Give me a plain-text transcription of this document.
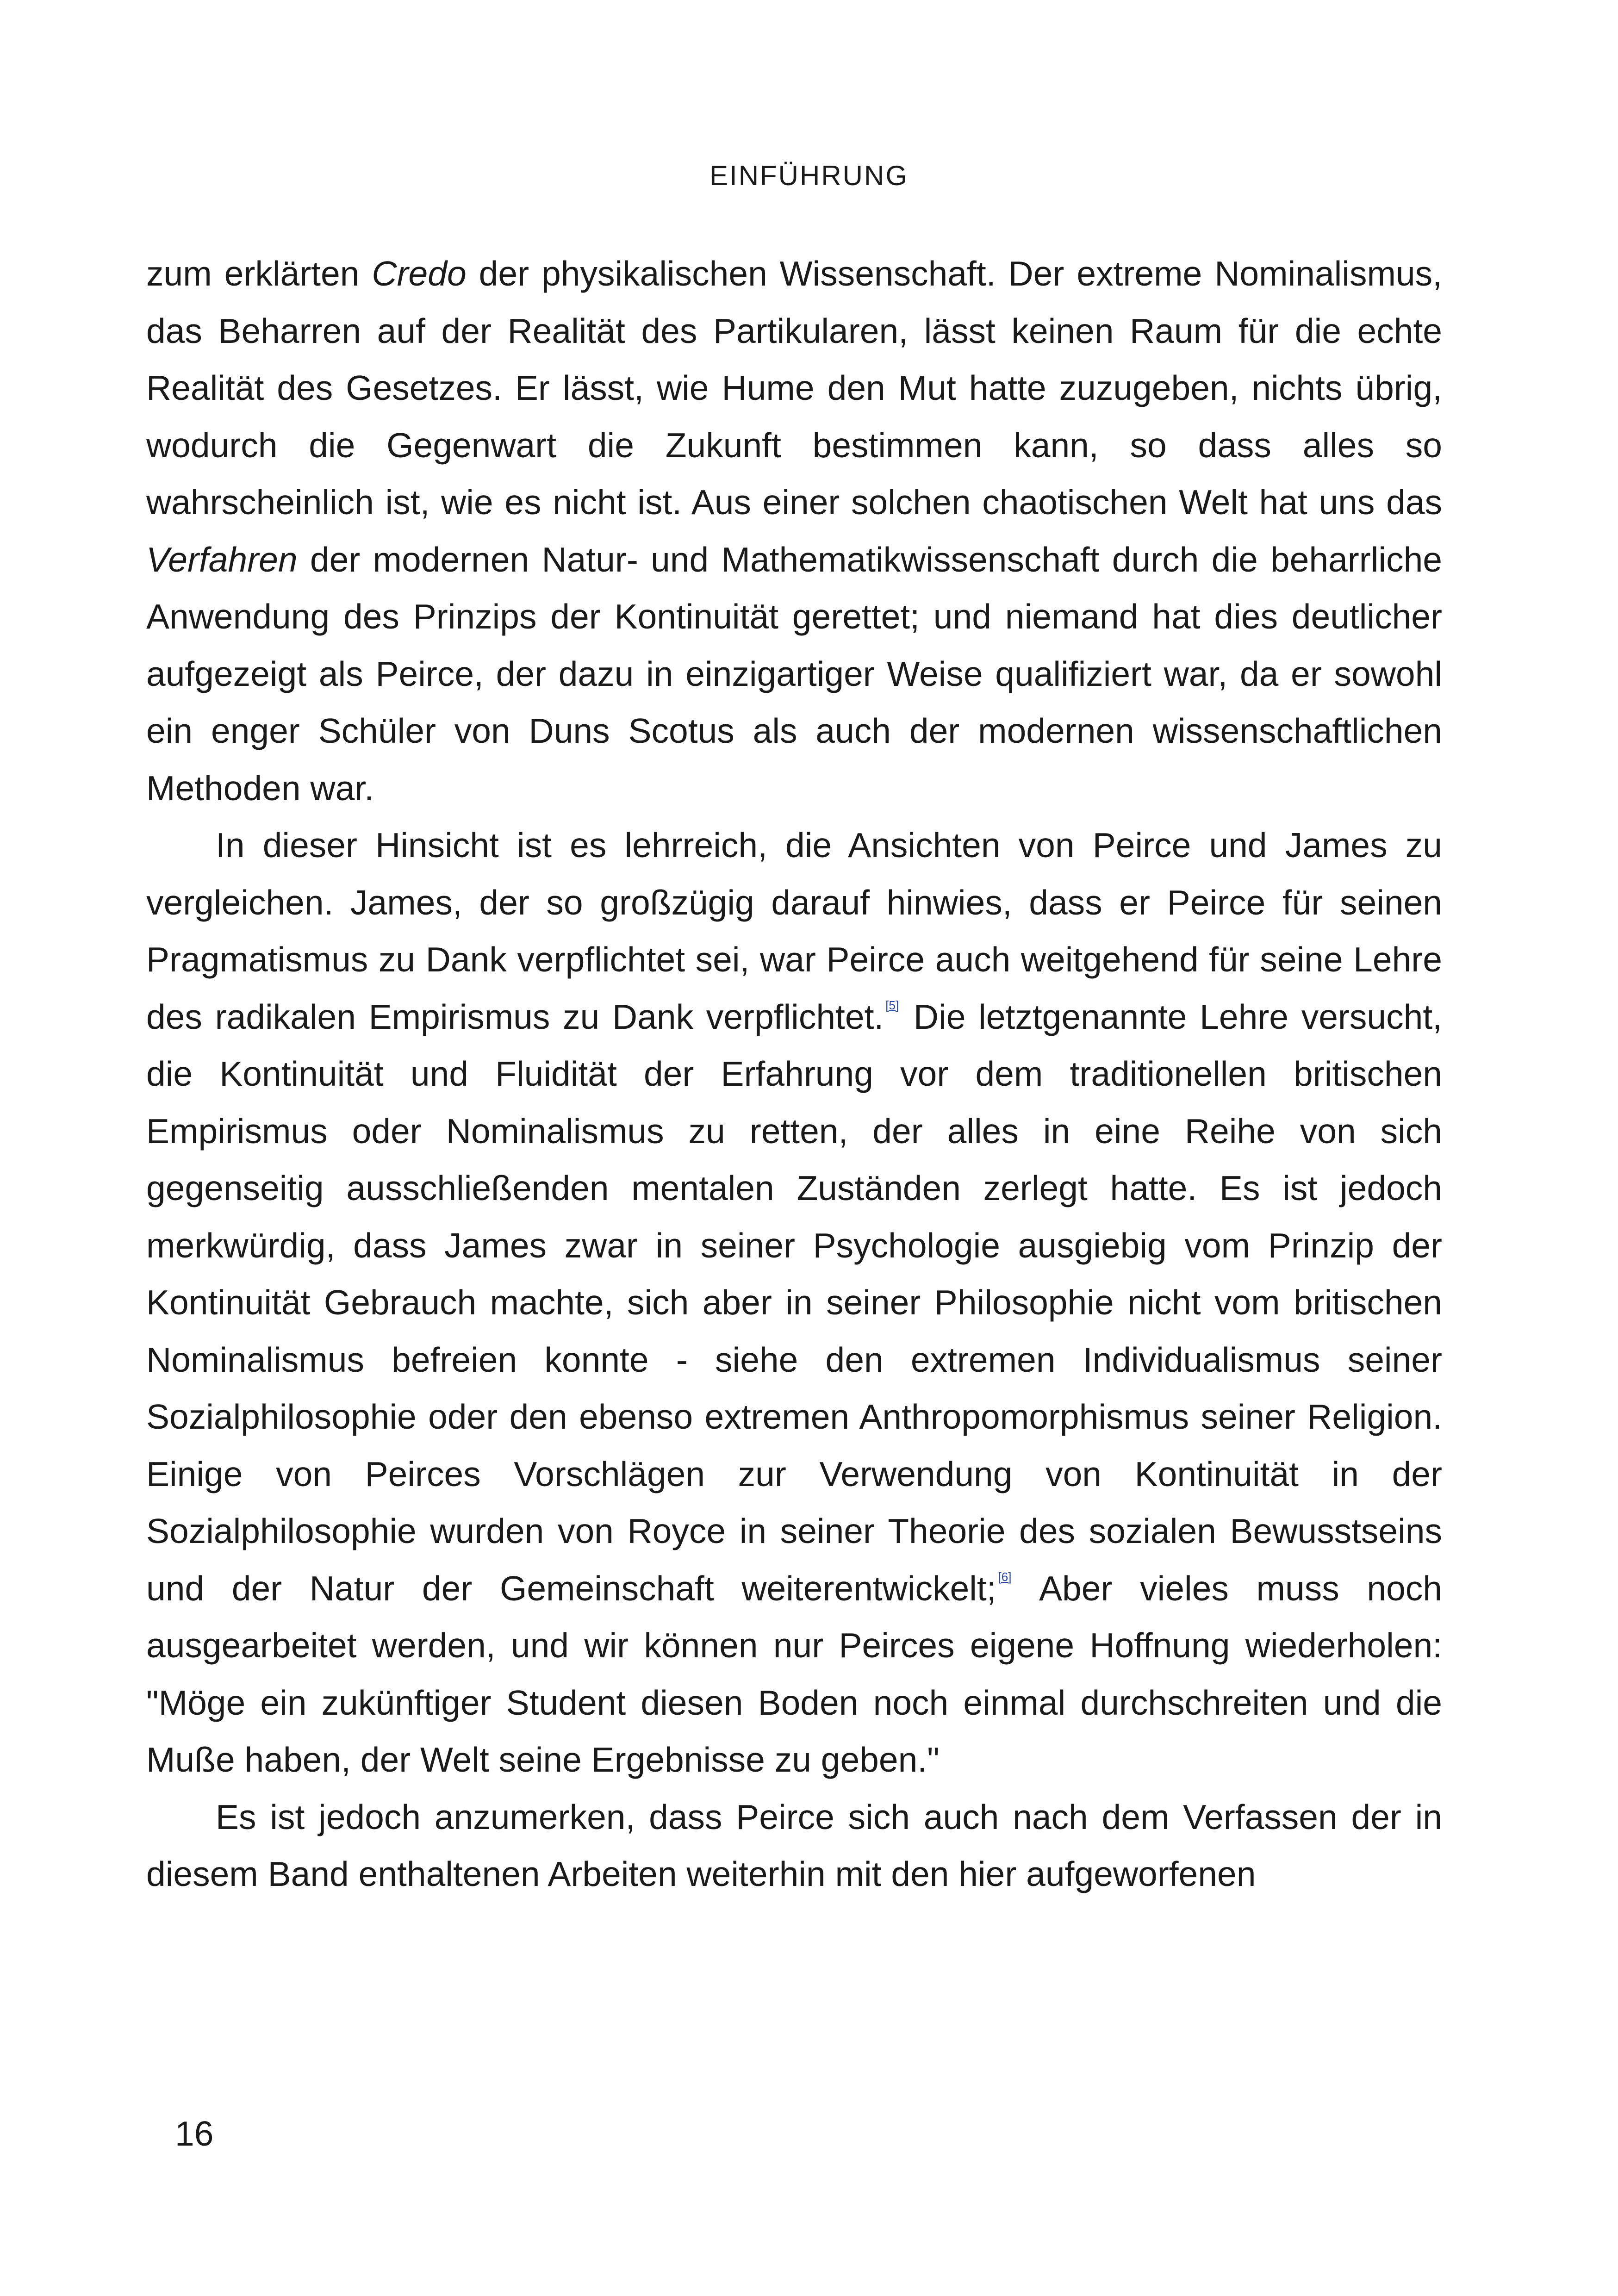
EINFÜHRUNG

zum erklärten Credo der physikalischen Wissenschaft. Der extreme Nominalismus, das Beharren auf der Realität des Partikularen, lässt keinen Raum für die echte Realität des Gesetzes. Er lässt, wie Hume den Mut hatte zuzugeben, nichts übrig, wodurch die Gegenwart die Zukunft bestimmen kann, so dass alles so wahrscheinlich ist, wie es nicht ist. Aus einer solchen chaotischen Welt hat uns das Verfahren der modernen Natur- und Mathematikwissenschaft durch die beharrliche Anwendung des Prinzips der Kontinuität gerettet; und niemand hat dies deutlicher aufgezeigt als Peirce, der dazu in einzigartiger Weise qualifiziert war, da er sowohl ein enger Schüler von Duns Scotus als auch der modernen wissenschaftlichen Methoden war.

In dieser Hinsicht ist es lehrreich, die Ansichten von Peirce und James zu vergleichen. James, der so großzügig darauf hinwies, dass er Peirce für seinen Pragmatismus zu Dank verpflichtet sei, war Peirce auch weitgehend für seine Lehre des radikalen Empirismus zu Dank verpflichtet. [5] Die letztgenannte Lehre versucht, die Kontinuität und Fluidität der Erfahrung vor dem traditionellen britischen Empirismus oder Nominalismus zu retten, der alles in eine Reihe von sich gegenseitig ausschließenden mentalen Zuständen zerlegt hatte. Es ist jedoch merkwürdig, dass James zwar in seiner Psychologie ausgiebig vom Prinzip der Kontinuität Gebrauch machte, sich aber in seiner Philosophie nicht vom britischen Nominalismus befreien konnte - siehe den extremen Individualismus seiner Sozialphilosophie oder den ebenso extremen Anthropomorphismus seiner Religion. Einige von Peirces Vorschlägen zur Verwendung von Kontinuität in der Sozialphilosophie wurden von Royce in seiner Theorie des sozialen Bewusstseins und der Natur der Gemeinschaft weiterentwickelt; [6] Aber vieles muss noch ausgearbeitet werden, und wir können nur Peirces eigene Hoffnung wiederholen: "Möge ein zukünftiger Student diesen Boden noch einmal durchschreiten und die Muße haben, der Welt seine Ergebnisse zu geben."

Es ist jedoch anzumerken, dass Peirce sich auch nach dem Verfassen der in diesem Band enthaltenen Arbeiten weiterhin mit den hier aufgeworfenen

16
